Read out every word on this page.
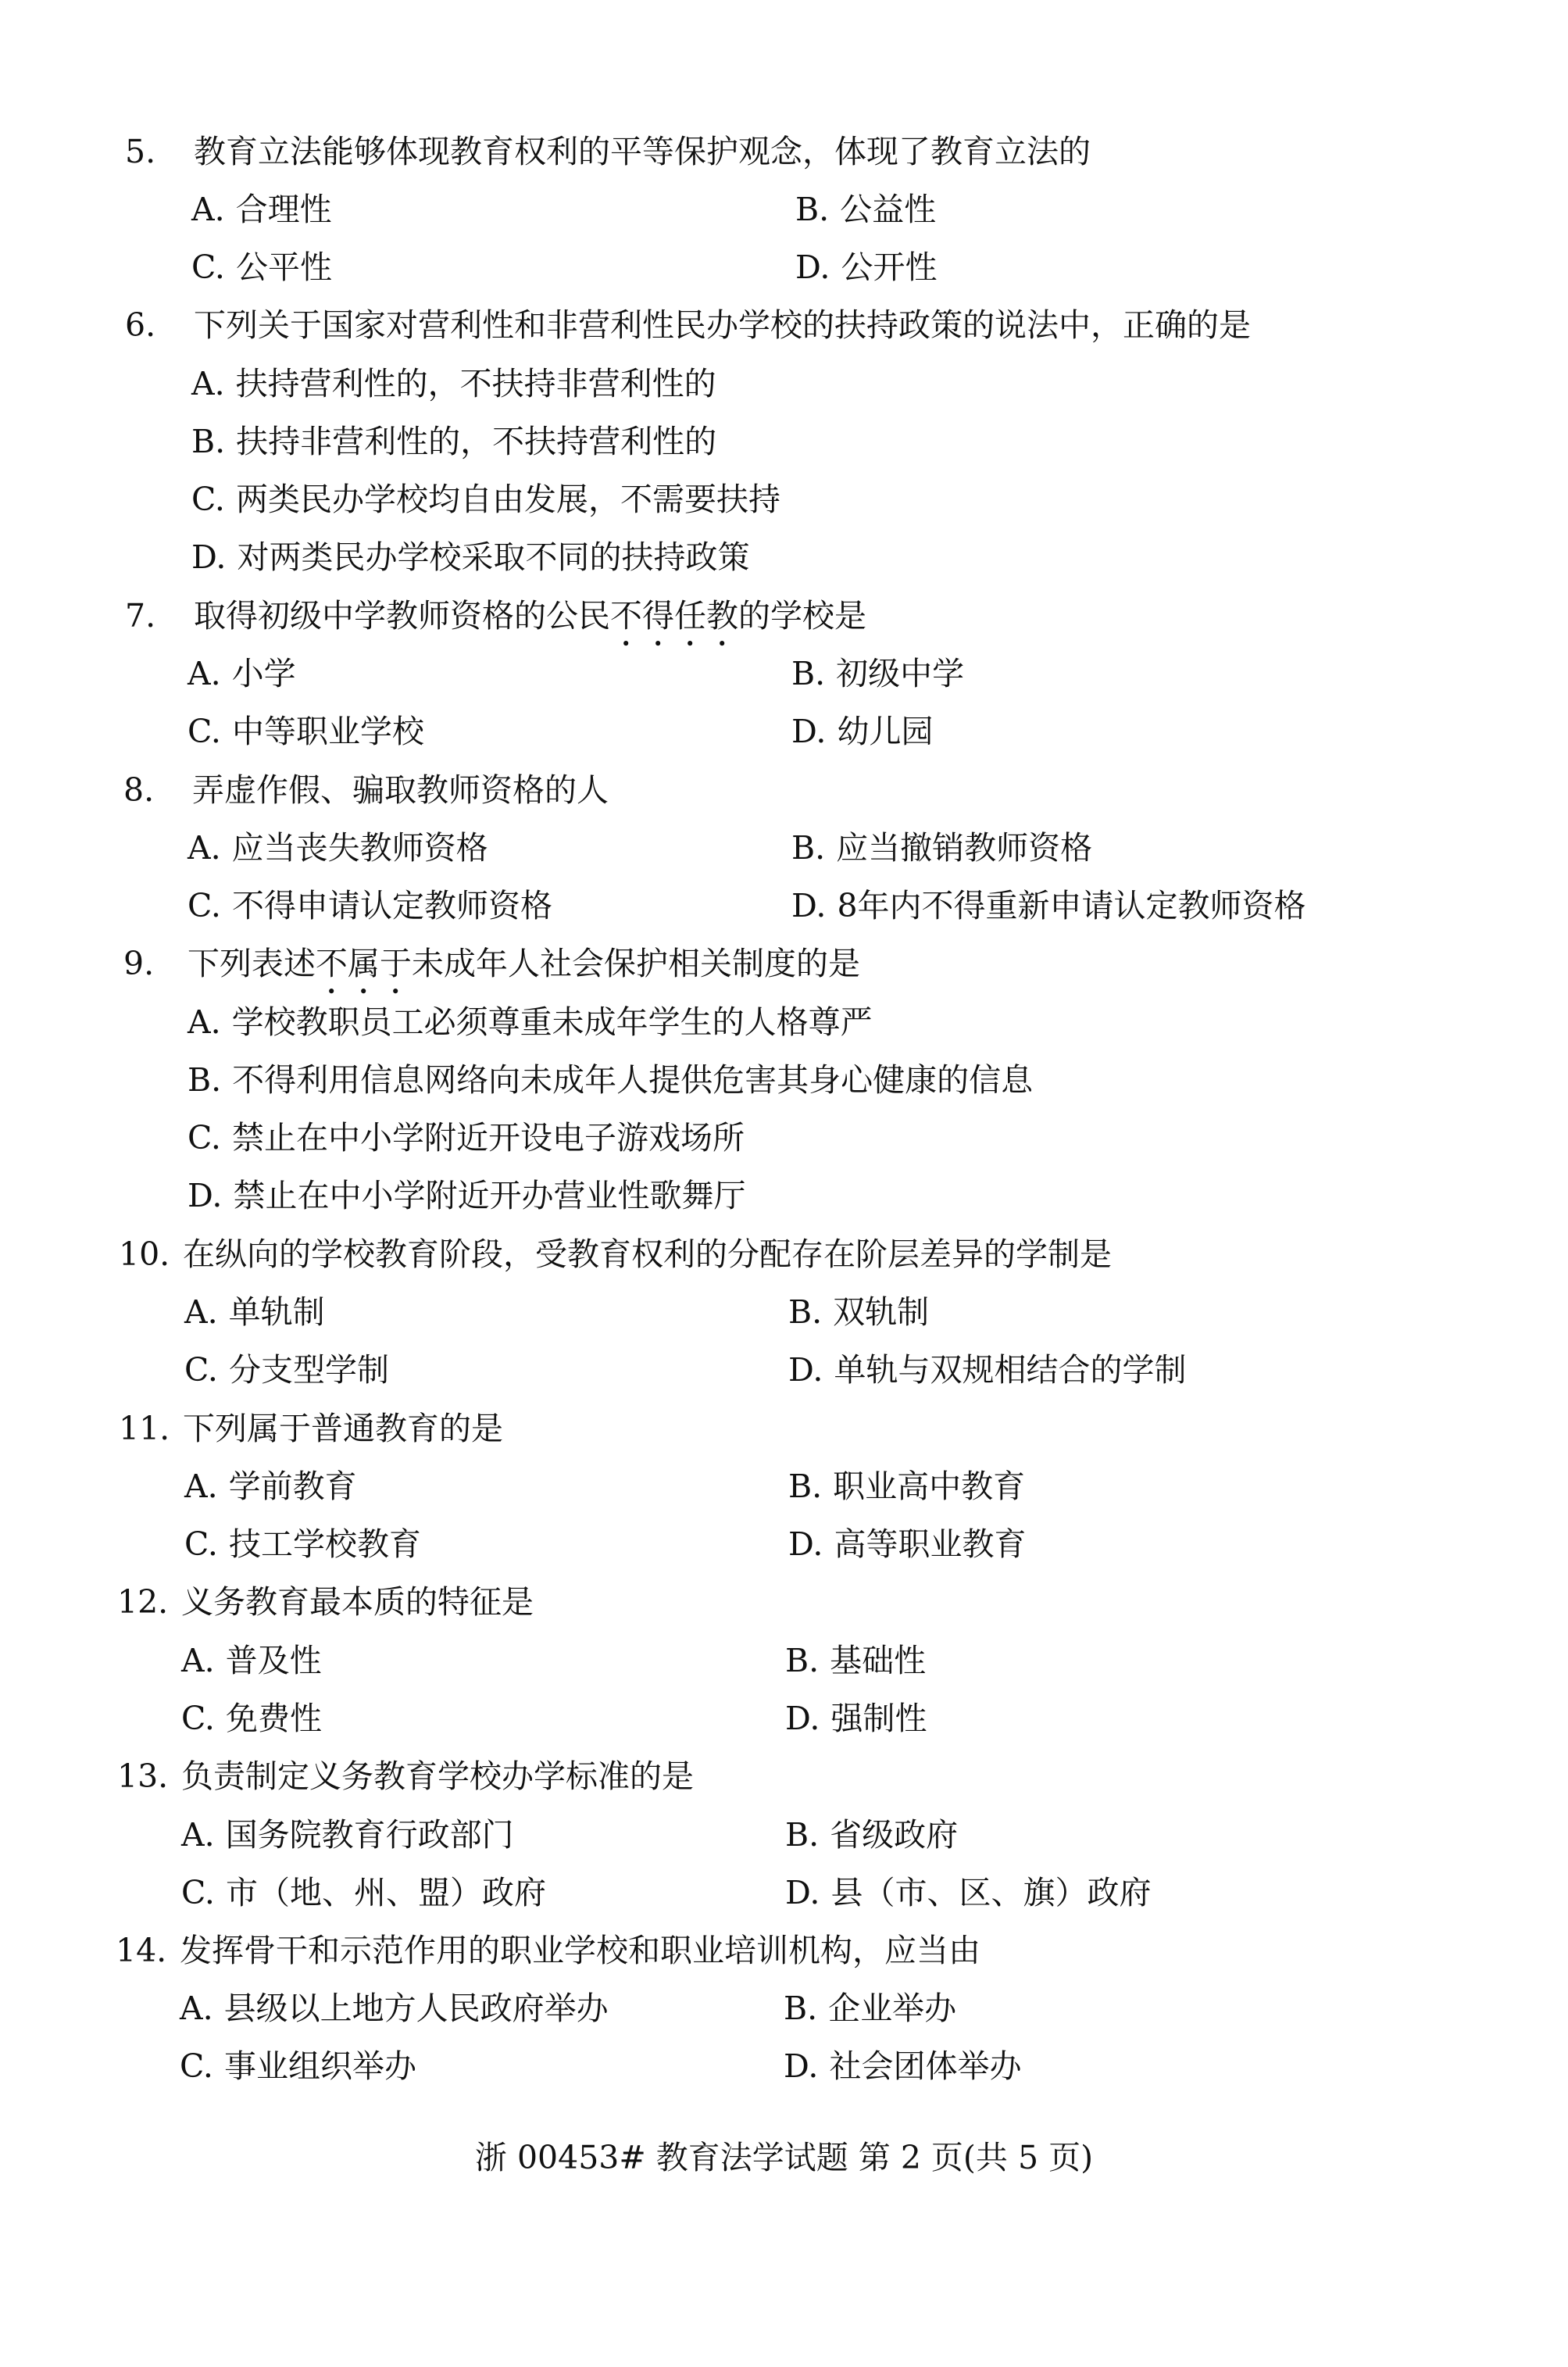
5. 教育立法能够体现教育权利的平等保护观念，体现了教育立法的
A. 合理性	B. 公益性
C. 公平性	D. 公开性
6. 下列关于国家对营利性和非营利性民办学校的扶持政策的说法中，正确的是
A. 扶持营利性的，不扶持非营利性的
B. 扶持非营利性的，不扶持营利性的
C. 两类民办学校均自由发展，不需要扶持
D. 对两类民办学校采取不同的扶持政策
7. 取得初级中学教师资格的公民不得任教的学校是
A. 小学	B. 初级中学
C. 中等职业学校	D. 幼儿园
8. 弄虚作假、骗取教师资格的人
A. 应当丧失教师资格	B. 应当撤销教师资格
C. 不得申请认定教师资格	D. 8年内不得重新申请认定教师资格
9. 下列表述不属于未成年人社会保护相关制度的是
A. 学校教职员工必须尊重未成年学生的人格尊严
B. 不得利用信息网络向未成年人提供危害其身心健康的信息
C. 禁止在中小学附近开设电子游戏场所
D. 禁止在中小学附近开办营业性歌舞厅
10. 在纵向的学校教育阶段，受教育权利的分配存在阶层差异的学制是
A. 单轨制	B. 双轨制
C. 分支型学制	D. 单轨与双规相结合的学制
11. 下列属于普通教育的是
A. 学前教育	B. 职业高中教育
C. 技工学校教育	D. 高等职业教育
12. 义务教育最本质的特征是
A. 普及性	B. 基础性
C. 免费性	D. 强制性
13. 负责制定义务教育学校办学标准的是
A. 国务院教育行政部门	B. 省级政府
C. 市（地、州、盟）政府	D. 县（市、区、旗）政府
14. 发挥骨干和示范作用的职业学校和职业培训机构，应当由
A. 县级以上地方人民政府举办	B. 企业举办
C. 事业组织举办	D. 社会团体举办
浙 00453# 教育法学试题 第 2 页(共 5 页)
